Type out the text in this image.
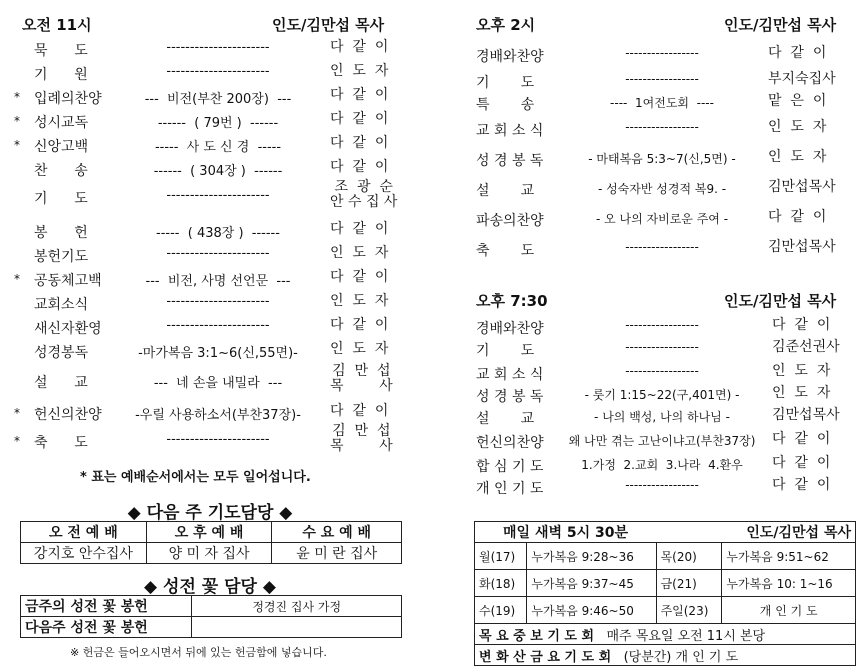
오전 11시	인도/김만섭 목사
묵      도	----------------------	다  같  이
기      원	----------------------	인  도  자
* 입례의찬양	---  비전(부찬 200장)  ---	다  같  이
* 성시교독	------  ( 79번 )  ------	다  같  이
* 신앙고백	-----  사 도 신 경  -----	다  같  이
찬      송	------  ( 304장 )  ------	다  같  이
기      도	----------------------
조  광  순
안 수 집 사
봉      헌	-----  ( 438장 )  ------	다  같  이
봉헌기도	----------------------	인  도  자
* 공동체고백	---  비전, 사명 선언문  ---	다  같  이
교회소식	----------------------	인  도  자
새신자환영	----------------------	다  같  이
성경봉독	-마가복음 3:1~6(신,55면)-	인  도  자
설      교	---  네 손을 내밀라  ---
김  만  섭
목        사
* 헌신의찬양	-우릴 사용하소서(부찬37장)-	다  같  이
* 축      도	----------------------
김  만  섭
목        사
* 표는 예배순서에서는 모두 일어섭니다.
◆ 다음 주 기도담당 ◆
오 전 예 배	오 후 예 배	수 요 예 배
강지호 안수집사	양 미 자 집사	윤 미 란 집사
◆ 성전 꽃 담당 ◆
금주의 성전 꽃 봉헌	정경진 집사 가정
다음주 성전 꽃 봉헌	
※ 헌금은 들어오시면서 뒤에 있는 헌금함에 넣습니다.
오후 2시	인도/김만섭 목사
경배와찬양	-----------------	다  같  이
기       도	-----------------	부지숙집사
특       송	----  1여전도회  ----	맡  은  이
교 회 소 식	-----------------	인  도  자
성 경 봉 독	- 마태복음 5:3~7(신,5면) -	인  도  자
설       교	- 성숙자반 성경적 복9. -	김만섭목사
파송의찬양	- 오 나의 자비로운 주여 -	다  같  이
축       도	-----------------	김만섭목사
오후 7:30	인도/김만섭 목사
경배와찬양	-----------------	다  같  이
기       도	-----------------	김준선권사
교 회 소 식	-----------------	인  도  자
성 경 봉 독	- 룻기 1:15~22(구,401면) -	인  도  자
설       교	- 나의 백성, 나의 하나님 -	김만섭목사
헌신의찬양	왜 나만 겪는 고난이냐고(부찬37장)	다  같  이
합 심 기 도	1.가정  2.교회  3.나라  4.환우	다  같  이
개 인 기 도	-----------------	다  같  이
매일 새벽 5시 30분		인도/김만섭 목사	
월(17)	누가복음 9:28~36	목(20)	누가복음 9:51~62
화(18)	누가복음 9:37~45	금(21)	누가복음 10: 1~16
수(19)	누가복음 9:46~50	주일(23)	개 인 기 도
목 요 중 보 기 도 회 매주 목요일 오전 11시 본당			
변 화 산 금 요 기 도 회 (당분간) 개 인 기 도			
